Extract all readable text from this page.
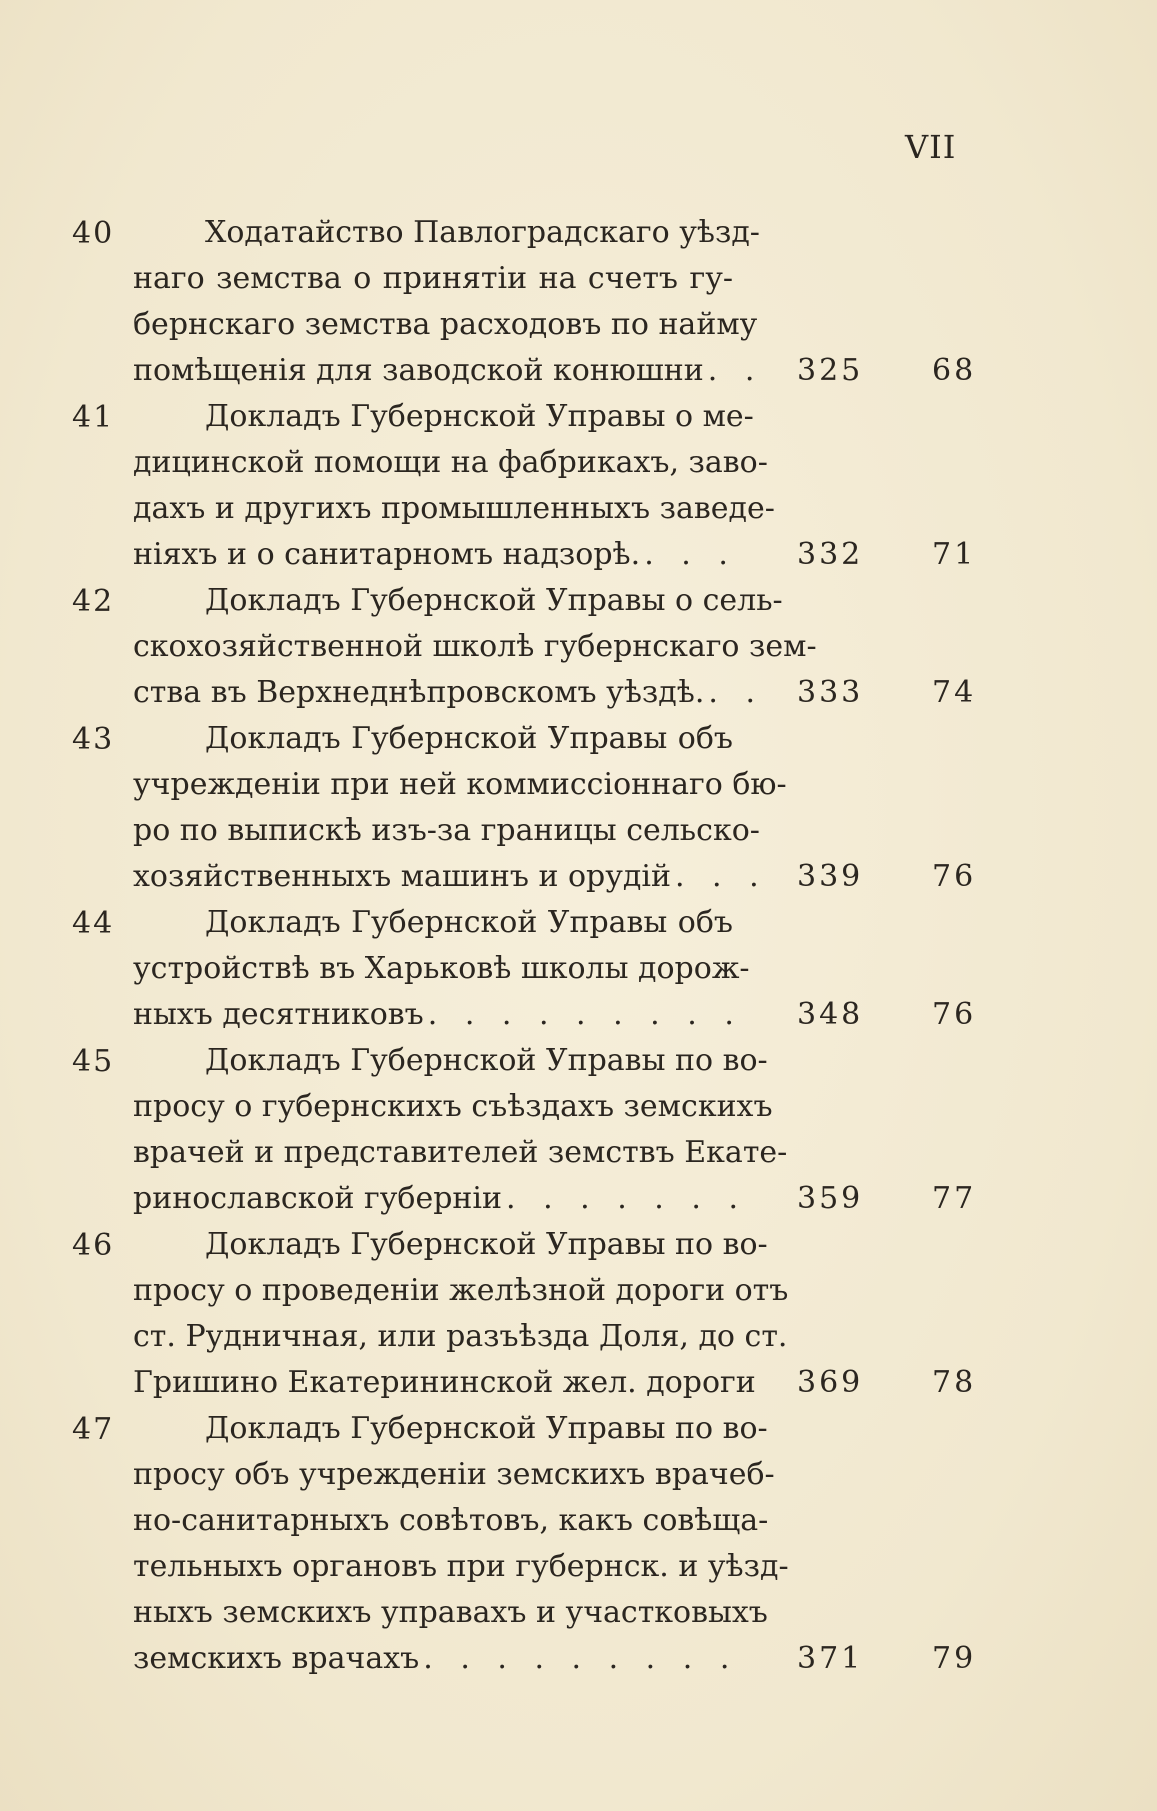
VII
40	Ходатайство Павлоградскаго уѣзд-
наго земства о принятіи на счетъ гу-
бернскаго земства расходовъ по найму
помѣщенія для заводской конюшни . . 325 68
41	Докладъ Губернской Управы о ме-
дицинской помощи на фабрикахъ, заво-
дахъ и другихъ промышленныхъ заведе-
ніяхъ и о санитарномъ надзорѣ. . . . 332 71
42	Докладъ Губернской Управы о сель-
скохозяйственной школѣ губернскаго зем-
ства въ Верхнеднѣпровскомъ уѣздѣ. . . 333 74
43	Докладъ Губернской Управы объ
учрежденіи при ней коммиссіоннаго бю-
ро по выпискѣ изъ-за границы сельско-
хозяйственныхъ машинъ и орудій . . . 339 76
44	Докладъ Губернской Управы объ
устройствѣ въ Харьковѣ школы дорож-
ныхъ десятниковъ . . . . . . . . . 348 76
45	Докладъ Губернской Управы по во-
просу о губернскихъ съѣздахъ земскихъ
врачей и представителей земствъ Екате-
ринославской губерніи . . . . . . . 359 77
46	Докладъ Губернской Управы по во-
просу о проведеніи желѣзной дороги отъ
ст. Рудничная, или разъѣзда Доля, до ст.
Гришино Екатерининской жел. дороги 369 78
47	Докладъ Губернской Управы по во-
просу объ учрежденіи земскихъ врачеб-
но-санитарныхъ совѣтовъ, какъ совѣща-
тельныхъ органовъ при губернск. и уѣзд-
ныхъ земскихъ управахъ и участковыхъ
земскихъ врачахъ . . . . . . . . . 371 79
